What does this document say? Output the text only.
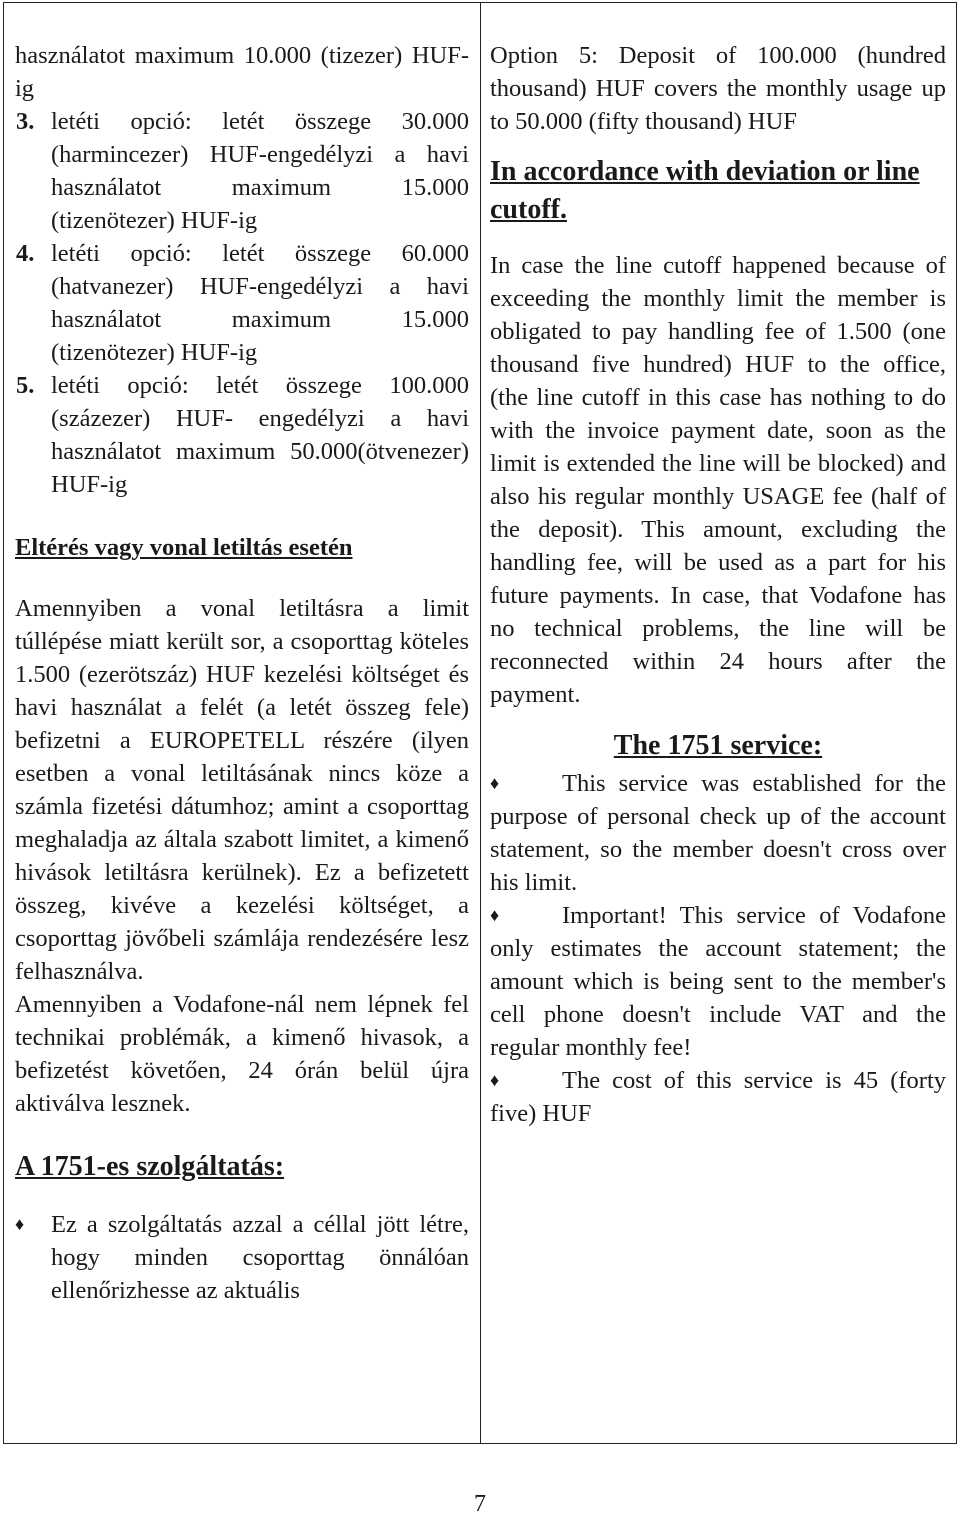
használatot maximum 10.000 (tizezer) HUF-ig

3. letéti opció: letét összege 30.000 (harmincezer) HUF-engedélyzi a havi használatot maximum 15.000 (tizenötezer) HUF-ig
4. letéti opció: letét összege 60.000 (hatvanezer) HUF-engedélyzi a havi használatot maximum 15.000 (tizenötezer) HUF-ig
5. letéti opció: letét összege 100.000 (százezer) HUF- engedélyzi a havi használatot maximum 50.000(ötvenezer) HUF-ig
Eltérés vagy vonal letiltás esetén

Amennyiben a vonal letiltásra a limit túllépése miatt került sor, a csoporttag köteles 1.500 (ezerötszáz) HUF kezelési költséget és havi használat a felét (a letét összeg fele) befizetni a EUROPETELL részére (ilyen esetben a vonal letiltásának nincs köze a számla fizetési dátumhoz; amint a csoporttag meghaladja az általa szabott limitet, a kimenő hivások letiltásra kerülnek). Ez a befizetett összeg, kivéve a kezelési költséget, a csoporttag jövőbeli számlája rendezésére lesz felhasználva.

Amennyiben a Vodafone-nál nem lépnek fel technikai problémák, a kimenő hivasok, a befizetést követően, 24 órán belül újra aktiválva lesznek.

A 1751-es szolgáltatás:
♦ Ez a szolgáltatás azzal a céllal jött létre, hogy minden csoporttag önnálóan ellenőrizhesse az aktuális

Option 5: Deposit of 100.000 (hundred thousand) HUF covers the monthly usage up to 50.000 (fifty thousand) HUF

In accordance with deviation or line cutoff.

In case the line cutoff happened because of exceeding the monthly limit the member is obligated to pay handling fee of 1.500 (one thousand five hundred) HUF to the office, (the line cutoff in this case has nothing to do with the invoice payment date, soon as the limit is extended the line will be blocked) and also his regular monthly USAGE fee (half of the deposit). This amount, excluding the handling fee, will be used as a part for his future payments. In case, that Vodafone has no technical problems, the line will be reconnected within 24 hours after the payment.

The 1751 service:
♦	This service was established for the purpose of personal check up of the account statement, so the member doesn't cross over his limit.
♦	Important! This service of Vodafone only estimates the account statement; the amount which is being sent to the member's cell phone doesn't include VAT and the regular monthly fee!
♦	The cost of this service is 45 (forty five) HUF
7
